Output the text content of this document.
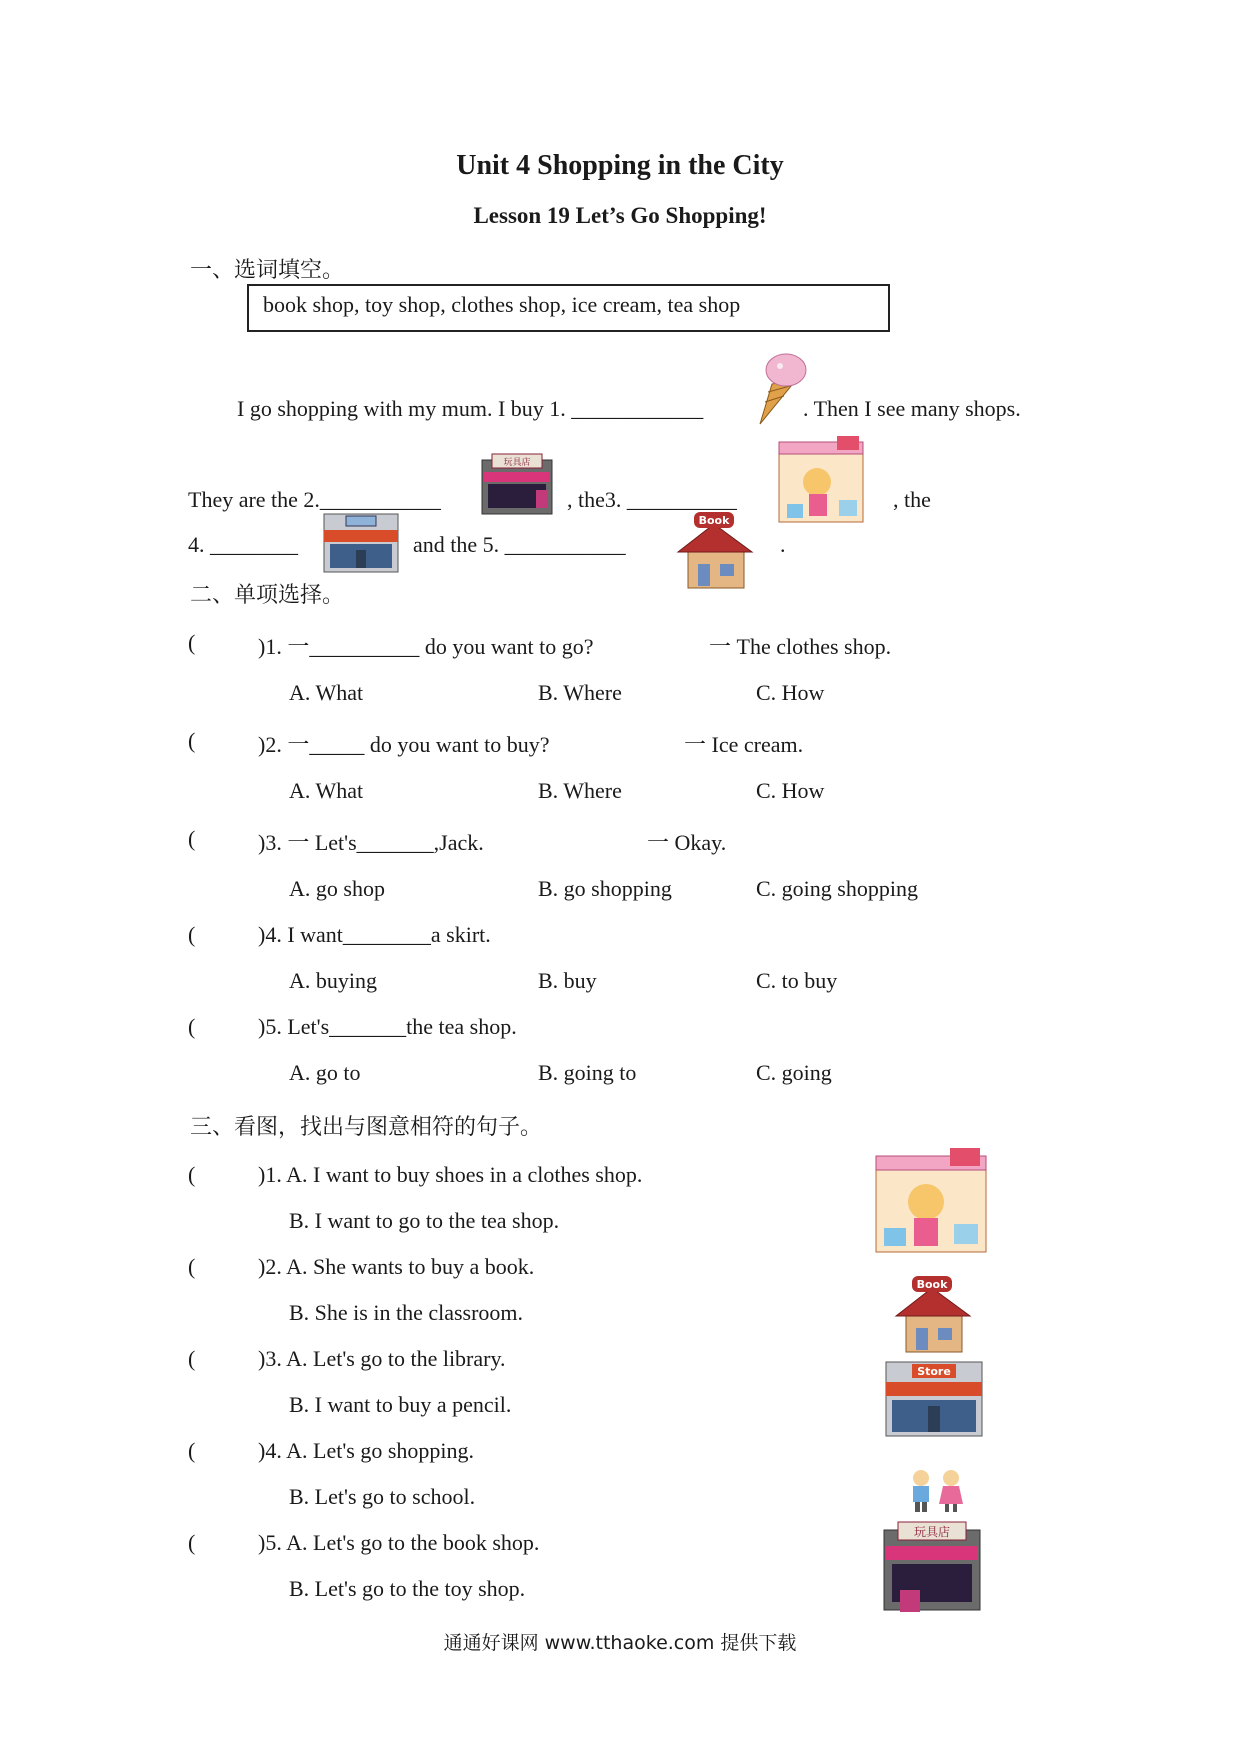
Unit 4 Shopping in the City
Lesson 19 Let’s Go Shopping!
一、选词填空。
book shop, toy shop, clothes shop, ice cream, tea shop
I go shopping with my mum. I buy 1. ____________	. Then I see many shops.
They are the 2.___________
玩具店
, the3. __________	, the
4. ________	and the 5. ___________
Book
.
二、单项选择。
(	)1. 一__________ do you want to go?	一 The clothes shop.
A. What	B. Where	C. How
(	)2. 一_____ do you want to buy?	一 Ice cream.
A. What	B. Where	C. How
(	)3. 一 Let's_______,Jack.	一 Okay.
A. go shop	B. go shopping	C. going shopping
(	)4. I want________a skirt.
A. buying	B. buy	C. to buy
(	)5. Let's_______the tea shop.
A. go to	B. going to	C. going
三、看图，找出与图意相符的句子。
(	)1. A. I want to buy shoes in a clothes shop.
B. I want to go to the tea shop.
(	)2. A. She wants to buy a book.
B. She is in the classroom.
(	)3. A. Let's go to the library.
B. I want to buy a pencil.
(	)4. A. Let's go shopping.
B. Let's go to school.
(	)5. A. Let's go to the book shop.
B. Let's go to the toy shop.
Book
Store
玩具店
通通好课网 www.tthaoke.com 提供下载
